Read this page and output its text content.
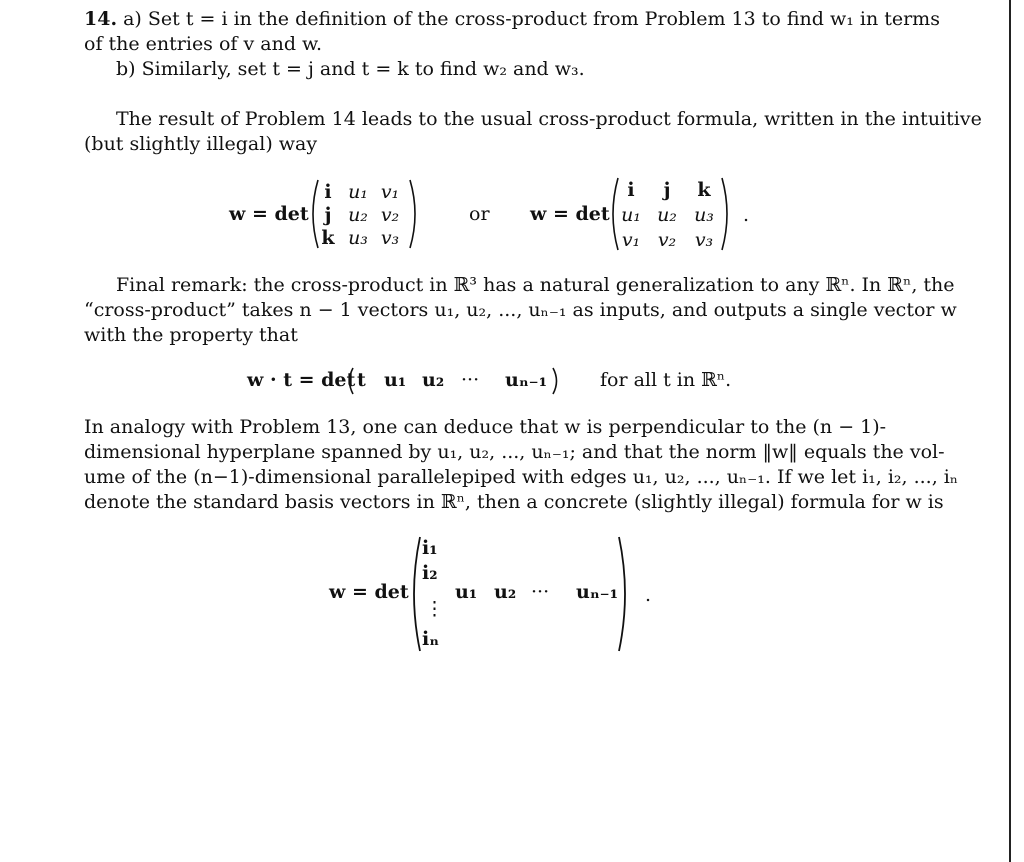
14. a) Set t = i in the definition of the cross-product from Problem 13 to find w₁ in terms
of the entries of v and w.
b) Similarly, set t = j and t = k to find w₂ and w₃.
The result of Problem 14 leads to the usual cross-product formula, written in the intuitive
(but slightly illegal) way
w = det
i u₁ v₁
j u₂ v₂
k u₃ v₃
or w = det
i	j	k
u₁ u₂ u₃
v₁ v₂ v₃
.
Final remark: the cross-product in ℝ³ has a natural generalization to any ℝⁿ. In ℝⁿ, the
“cross-product” takes n − 1 vectors u₁, u₂, ..., uₙ₋₁ as inputs, and outputs a single vector w
with the property that
w · t = det t u₁ u₂ ··· uₙ₋₁	for all t in ℝⁿ.
In analogy with Problem 13, one can deduce that w is perpendicular to the (n − 1)-
dimensional hyperplane spanned by u₁, u₂, ..., uₙ₋₁; and that the norm ‖w‖ equals the vol-
ume of the (n−1)-dimensional parallelepiped with edges u₁, u₂, ..., uₙ₋₁. If we let i₁, i₂, ..., iₙ
denote the standard basis vectors in ℝⁿ, then a concrete (slightly illegal) formula for w is
w = det
i₁
i₂
⋮
iₙ
u₁ u₂ ··· uₙ₋₁ .
